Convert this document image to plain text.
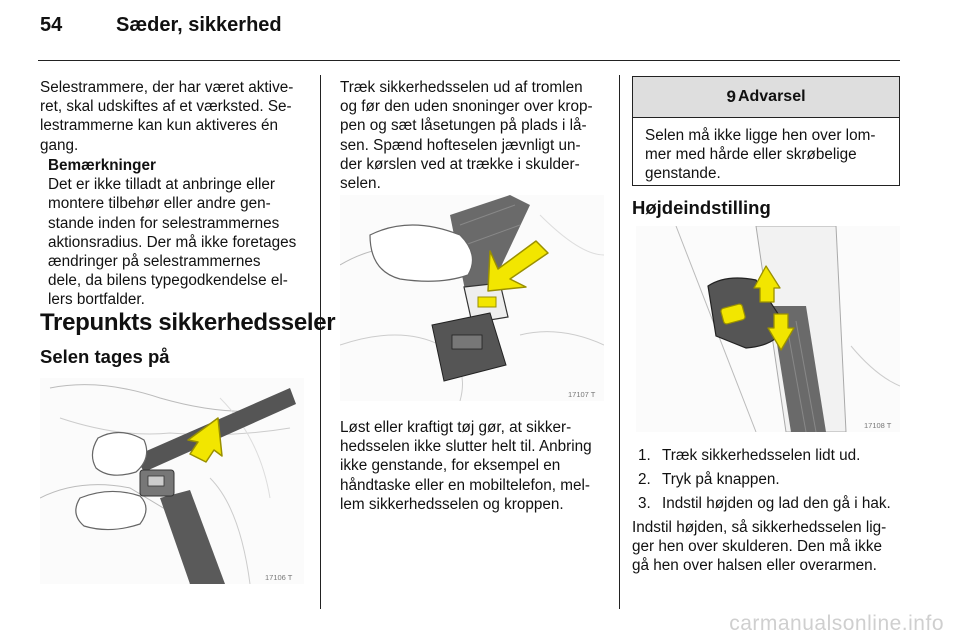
54	Sæder, sikkerhed
Selestrammere, der har været aktive-
ret, skal udskiftes af et værksted. Se-
lestrammerne kan kun aktiveres én
gang.
Bemærkninger
Det er ikke tilladt at anbringe eller
montere tilbehør eller andre gen-
stande inden for selestrammernes
aktionsradius. Der må ikke foretages
ændringer på selestrammernes
dele, da bilens typegodkendelse el-
lers bortfalder.
Trepunkts sikkerhedsseler
Selen tages på
17106 T
Træk sikkerhedsselen ud af tromlen
og før den uden snoninger over krop-
pen og sæt låsetungen på plads i lå-
sen. Spænd hofteselen jævnligt un-
der kørslen ved at trække i skulder-
selen.
17107 T
Løst eller kraftigt tøj gør, at sikker-
hedsselen ikke slutter helt til. Anbring
ikke genstande, for eksempel en
håndtaske eller en mobiltelefon, mel-
lem sikkerhedsselen og kroppen.
9 Advarsel
Selen må ikke ligge hen over lom-
mer med hårde eller skrøbelige
genstande.
Højdeindstilling
17108 T
1. Træk sikkerhedsselen lidt ud.
2. Tryk på knappen.
3. Indstil højden og lad den gå i hak.
Indstil højden, så sikkerhedsselen lig-
ger hen over skulderen. Den må ikke
gå hen over halsen eller overarmen.
carmanualsonline.info
